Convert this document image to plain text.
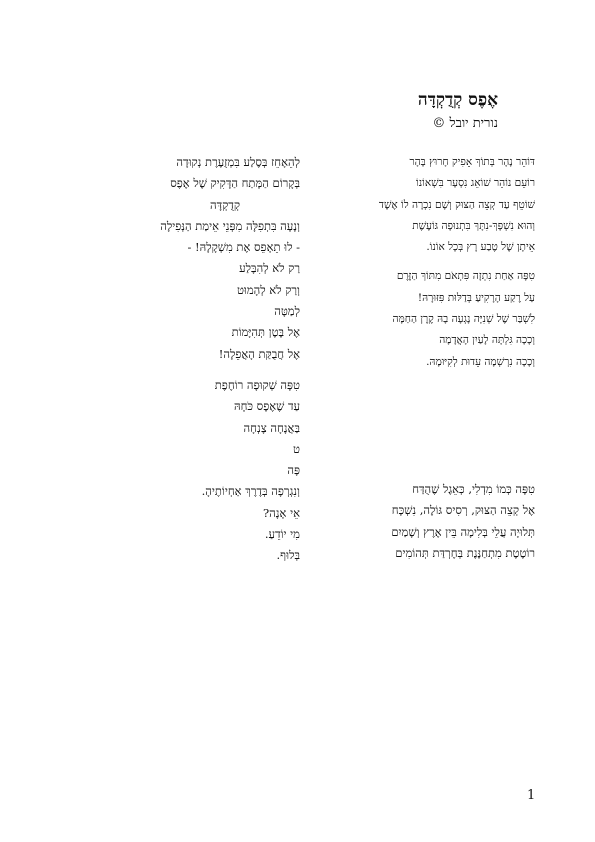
אֶפֶס קְדֻקְדָּה
נורית יובל ©
דּוֹהֵר נָהָר בְּתוֹךְ אָפִיק חָרוּץ בָּהָר
רוֹעֵם נוֹהֵר שׁוֹאֵג נִסְעָר בִּשְׁאוֹנוֹ
שׁוֹטֵף עַד קְצֵה הַצּוּק וְשָׁם נִכְרָה לוֹ אֶשֶׁד
וְהוּא נִשְׁפָּךְ-נִתָּךְ בִּתְנוּפָה גּוֹעֶשֶׁת
אֵיתָן שֶׁל טֶבַע רָץ בְּכָל אוֹנוֹ.
טִפָּה אַחַת נִתְזָה פִּתְאֹם מִתּוֹךְ הַזֶּרֶם
עַל רֶקַע הָרָקִיעַ בְּדַלּוּת פִּזּוּרָהּ!
לִשְׁבַּר שֶׁל שְׁנִיָּה נָגְעָה בָהּ קֶרֶן הַחַמָּה
וְכָכָה גִּלְתָּה לָעַיִן הָאֲדָמָה
וְכָכָה נִרְשְׁמָה עֵדוּת לְקִיּוּמָהּ.
טִפָּה כְּמוֹ מִדְלִי, כְּאֵגֶל שֶׁהֻדַּח
אֶל קְצֵה הַצּוּק, רְסִיס גּוֹלֶה, נִשְׁכָּח
תְּלוּיָה עֲלֵי בְּלִימָה בֵּין אֶרֶץ וְשָׁמַיִם
רוֹטֶטֶת מִתְחַנֶּנֶת בְּחֶרְדַּת תְּהוֹמִים
לְהֵאָחֵז בְּסֶלַע בִּמְזֻעֶרֶת נְקוּדָה
בְּקָרוֹם הַמָּתַח הַדָּקִיק שֶׁל אֶפֶס
קְדֻקְדָּה
וְנָעָה בִּתְפִלָּה מִפְּנֵי אֵימַת הַנְּפִילָה
- לוּ תֵאָפֵס אֶת מִשְׁקָלָהּ! -
רַק לֹא לְהִבָּלַע
וְרַק לֹא לְהָמוּט
לְמַטָּה
אֶל בֶּטֶן תְּהִיָּמוֹת
אֶל חֲבֻקַּת הָאֲפֵלָה!
טִפָּה שְׁקוּפָה רוֹחֶפֶת
עַד שֶׁאֶפֶס כֹּחָהּ
בַּאֲנָחָה צָנְחָה
ט
פָּה
וְנִגְרְפָה בְּדֶרֶךְ אַחְיוֹתֶיהָ.
אֵי אָנָה?
מִי יוֹדֵעַ.
בְּלוּף.
1
